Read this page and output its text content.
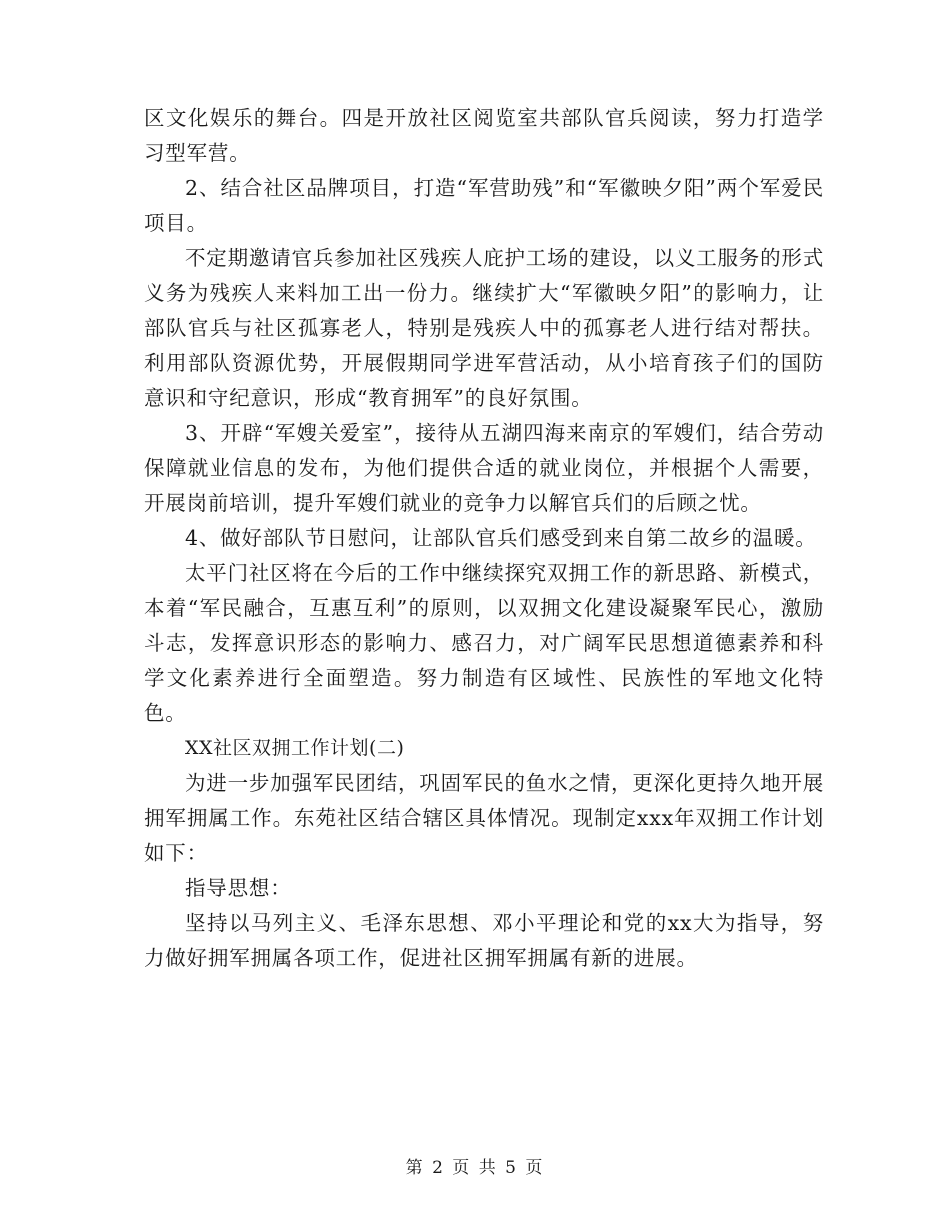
区文化娱乐的舞台。四是开放社区阅览室共部队官兵阅读，努力打造学习型军营。

2、结合社区品牌项目，打造“军营助残”和“军徽映夕阳”两个军爱民项目。

不定期邀请官兵参加社区残疾人庇护工场的建设，以义工服务的形式义务为残疾人来料加工出一份力。继续扩大“军徽映夕阳”的影响力，让部队官兵与社区孤寡老人，特别是残疾人中的孤寡老人进行结对帮扶。利用部队资源优势，开展假期同学进军营活动，从小培育孩子们的国防意识和守纪意识，形成“教育拥军”的良好氛围。

3、开辟“军嫂关爱室”，接待从五湖四海来南京的军嫂们，结合劳动保障就业信息的发布，为他们提供合适的就业岗位，并根据个人需要，开展岗前培训，提升军嫂们就业的竞争力以解官兵们的后顾之忧。

4、做好部队节日慰问，让部队官兵们感受到来自第二故乡的温暖。

太平门社区将在今后的工作中继续探究双拥工作的新思路、新模式，本着“军民融合，互惠互利”的原则，以双拥文化建设凝聚军民心，激励斗志，发挥意识形态的影响力、感召力，对广阔军民思想道德素养和科学文化素养进行全面塑造。努力制造有区域性、民族性的军地文化特色。

XX社区双拥工作计划(二)

为进一步加强军民团结，巩固军民的鱼水之情，更深化更持久地开展拥军拥属工作。东苑社区结合辖区具体情况。现制定xxx年双拥工作计划如下：

指导思想：

坚持以马列主义、毛泽东思想、邓小平理论和党的xx大为指导，努力做好拥军拥属各项工作，促进社区拥军拥属有新的进展。

第 2 页 共 5 页
